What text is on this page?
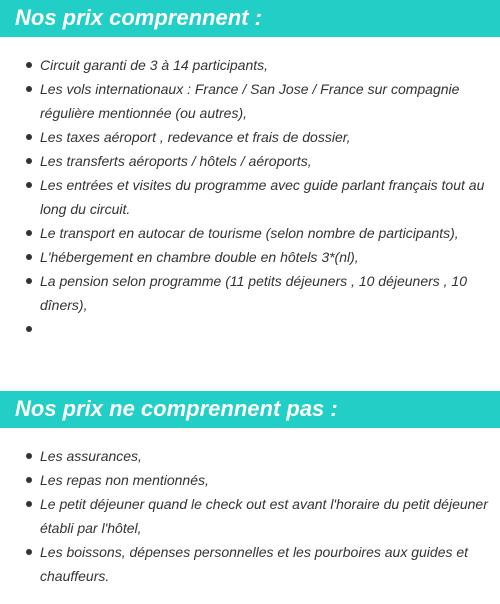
Nos prix comprennent :
Circuit garanti de 3 à 14 participants,
Les vols internationaux : France / San Jose / France sur compagnie régulière mentionnée (ou autres),
Les taxes aéroport , redevance et frais de dossier,
Les transferts aéroports / hôtels / aéroports,
Les entrées et visites du programme avec guide parlant français tout au long du circuit.
Le transport en autocar de tourisme (selon nombre de participants),
L'hébergement en chambre double en hôtels 3*(nl),
La pension selon programme (11 petits déjeuners , 10 déjeuners , 10 dîners),
Nos prix ne comprennent pas :
Les assurances,
Les repas non mentionnés,
Le petit déjeuner quand le check out est avant l'horaire du petit déjeuner établi par l'hôtel,
Les boissons, dépenses personnelles et les pourboires aux guides et chauffeurs.
